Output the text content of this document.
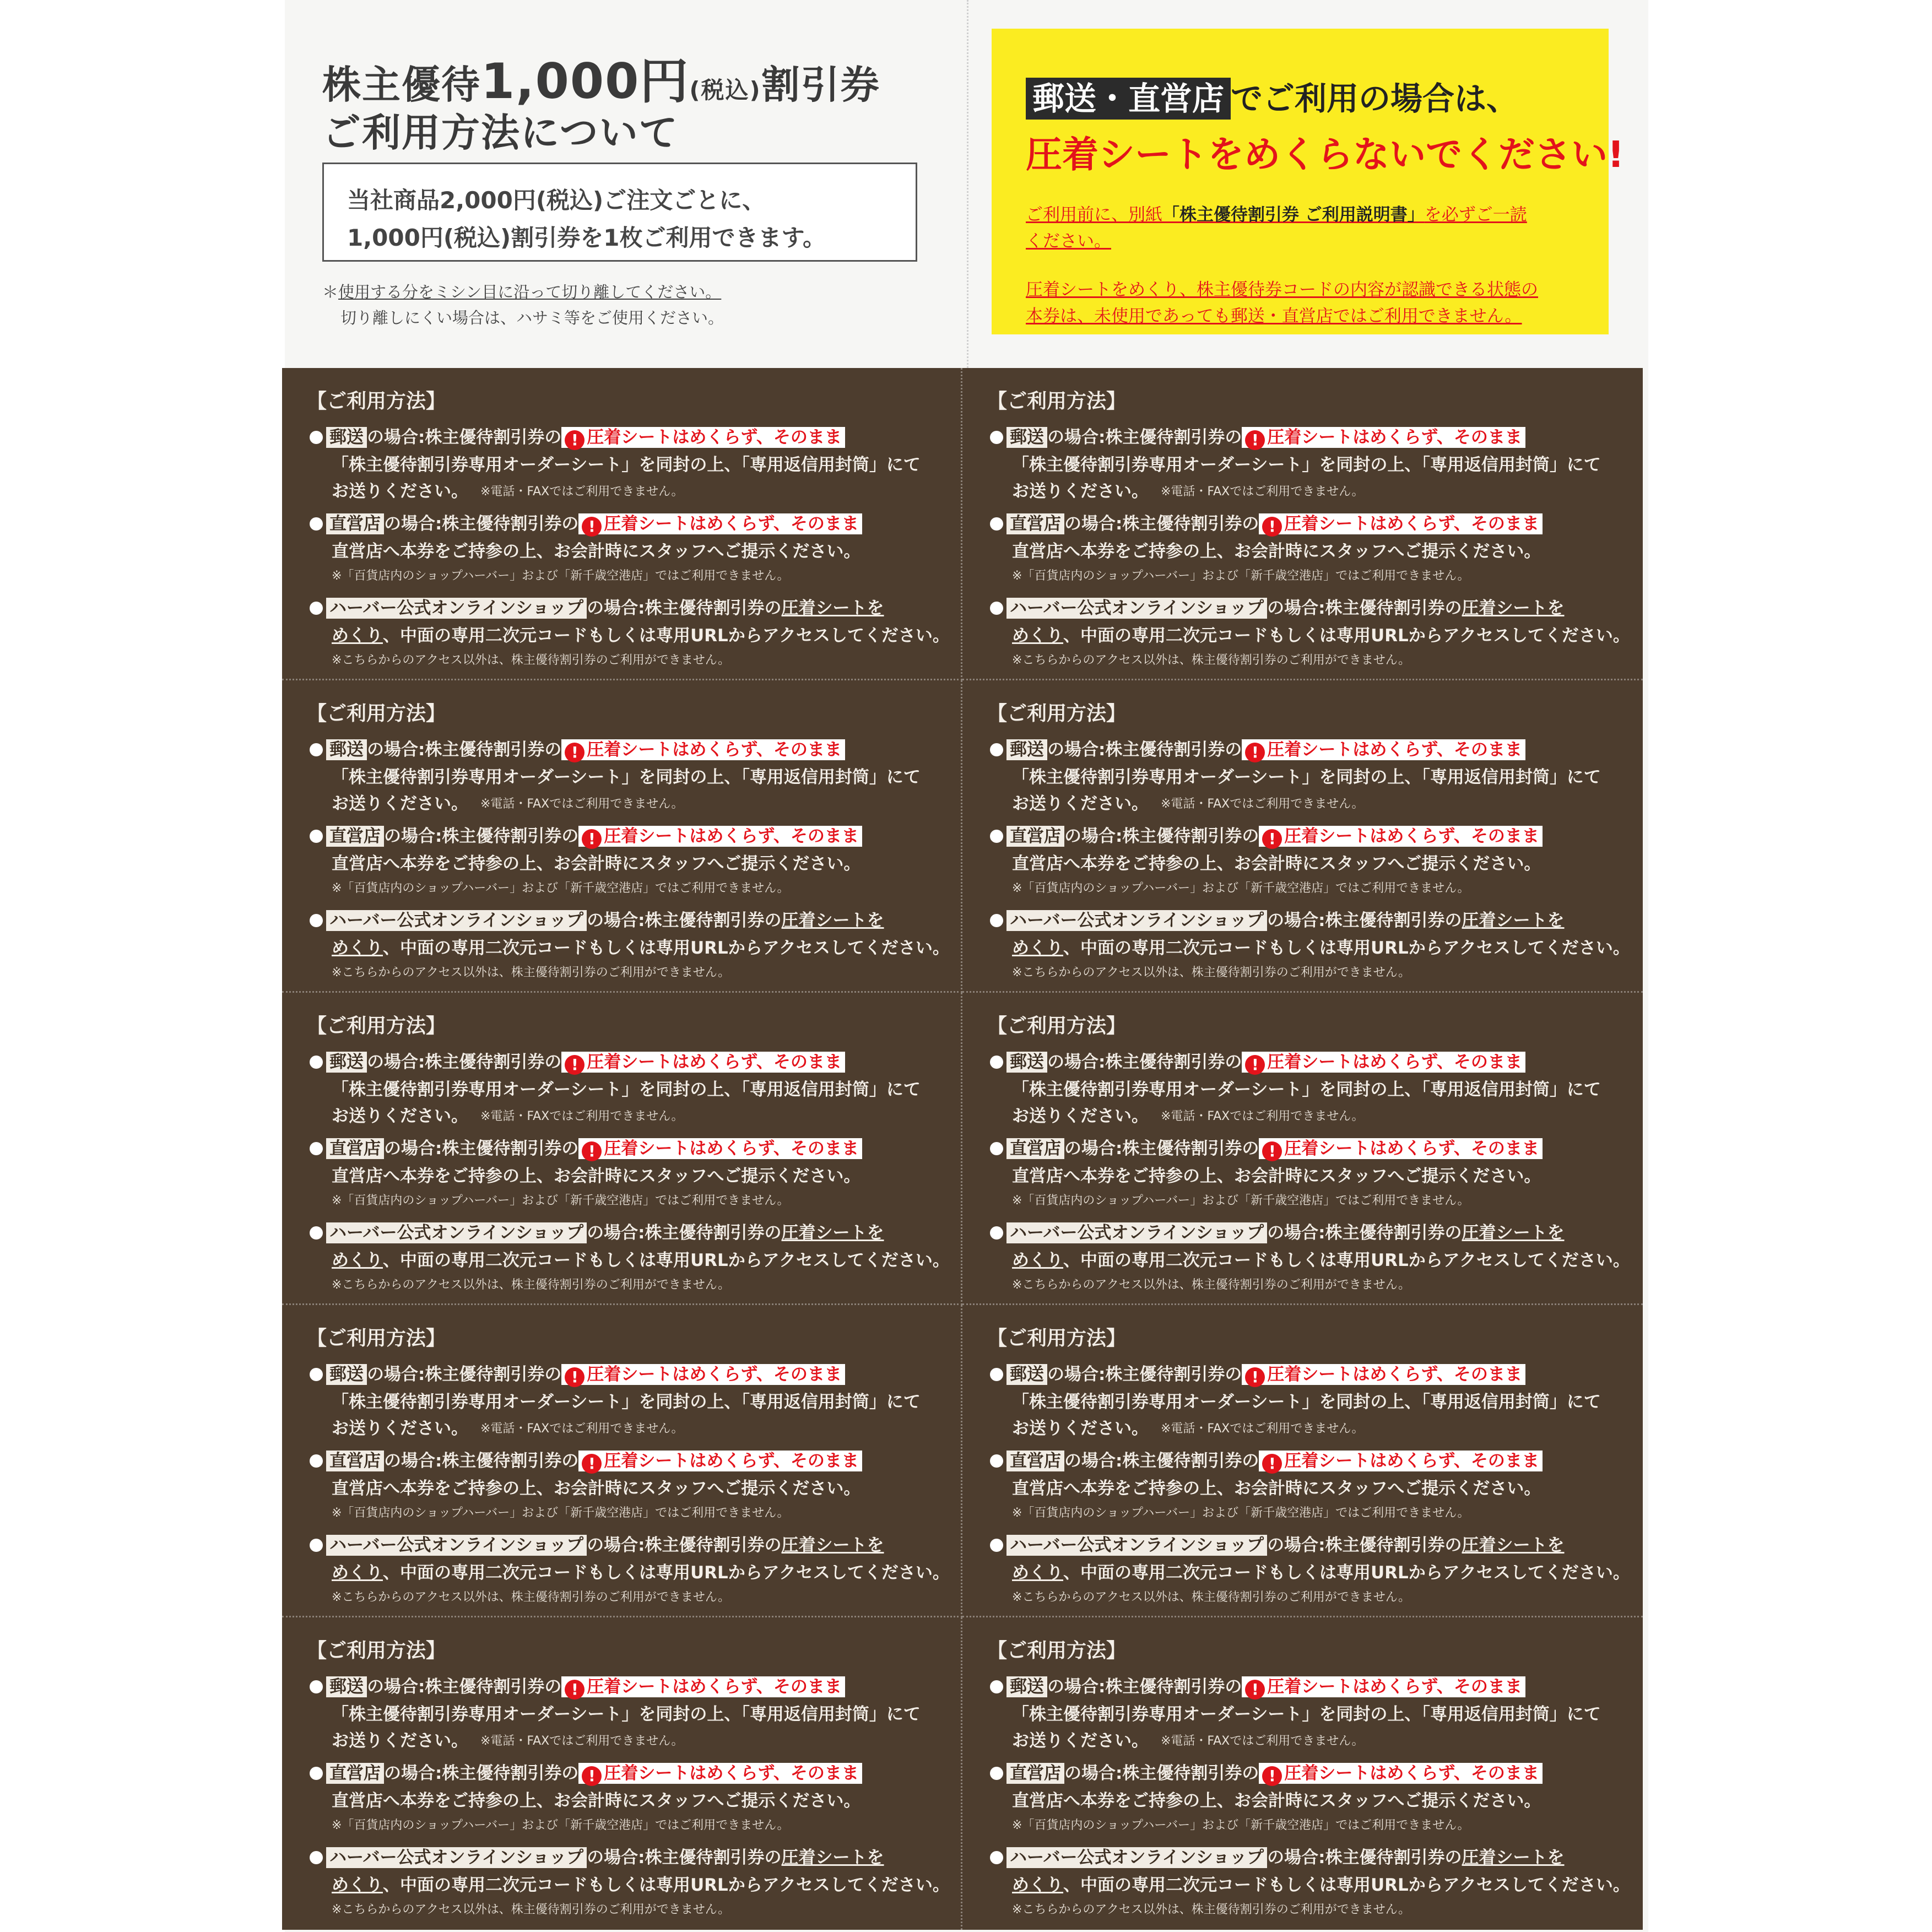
株主優待1,000円(税込)割引券
ご利用方法について
当社商品2,000円(税込)ご注文ごとに、
1,000円(税込)割引券を1枚ご利用できます。
＊使用する分をミシン目に沿って切り離してください。
切り離しにくい場合は、ハサミ等をご使用ください。
郵送・直営店 でご利用の場合は、
圧着シートをめくらないでください!
ご利用前に、別紙「株主優待割引券 ご利用説明書」を必ずご一読
ください。
圧着シートをめくり、株主優待券コードの内容が認識できる状態の
本券は、未使用であっても郵送・直営店ではご利用できません。
【ご利用方法】
郵送 の場合:株主優待割引券の ! 圧着シートはめくらず、そのまま
「株主優待割引券専用オーダーシート」を同封の上、「専用返信用封筒」にて
お送りください。 ※電話・FAXではご利用できません。
直営店 の場合:株主優待割引券の ! 圧着シートはめくらず、そのまま
直営店へ本券をご持参の上、お会計時にスタッフへご提示ください。
※「百貨店内のショップハーバー」および「新千歳空港店」ではご利用できません。
ハーバー公式オンラインショップ の場合:株主優待割引券の圧着シートを
めくり、中面の専用二次元コードもしくは専用URLからアクセスしてください。
※こちらからのアクセス以外は、株主優待割引券のご利用ができません。
【ご利用方法】
郵送 の場合:株主優待割引券の ! 圧着シートはめくらず、そのまま
「株主優待割引券専用オーダーシート」を同封の上、「専用返信用封筒」にて
お送りください。 ※電話・FAXではご利用できません。
直営店 の場合:株主優待割引券の ! 圧着シートはめくらず、そのまま
直営店へ本券をご持参の上、お会計時にスタッフへご提示ください。
※「百貨店内のショップハーバー」および「新千歳空港店」ではご利用できません。
ハーバー公式オンラインショップ の場合:株主優待割引券の圧着シートを
めくり、中面の専用二次元コードもしくは専用URLからアクセスしてください。
※こちらからのアクセス以外は、株主優待割引券のご利用ができません。
【ご利用方法】
郵送 の場合:株主優待割引券の ! 圧着シートはめくらず、そのまま
「株主優待割引券専用オーダーシート」を同封の上、「専用返信用封筒」にて
お送りください。 ※電話・FAXではご利用できません。
直営店 の場合:株主優待割引券の ! 圧着シートはめくらず、そのまま
直営店へ本券をご持参の上、お会計時にスタッフへご提示ください。
※「百貨店内のショップハーバー」および「新千歳空港店」ではご利用できません。
ハーバー公式オンラインショップ の場合:株主優待割引券の圧着シートを
めくり、中面の専用二次元コードもしくは専用URLからアクセスしてください。
※こちらからのアクセス以外は、株主優待割引券のご利用ができません。
【ご利用方法】
郵送 の場合:株主優待割引券の ! 圧着シートはめくらず、そのまま
「株主優待割引券専用オーダーシート」を同封の上、「専用返信用封筒」にて
お送りください。 ※電話・FAXではご利用できません。
直営店 の場合:株主優待割引券の ! 圧着シートはめくらず、そのまま
直営店へ本券をご持参の上、お会計時にスタッフへご提示ください。
※「百貨店内のショップハーバー」および「新千歳空港店」ではご利用できません。
ハーバー公式オンラインショップ の場合:株主優待割引券の圧着シートを
めくり、中面の専用二次元コードもしくは専用URLからアクセスしてください。
※こちらからのアクセス以外は、株主優待割引券のご利用ができません。
【ご利用方法】
郵送 の場合:株主優待割引券の ! 圧着シートはめくらず、そのまま
「株主優待割引券専用オーダーシート」を同封の上、「専用返信用封筒」にて
お送りください。 ※電話・FAXではご利用できません。
直営店 の場合:株主優待割引券の ! 圧着シートはめくらず、そのまま
直営店へ本券をご持参の上、お会計時にスタッフへご提示ください。
※「百貨店内のショップハーバー」および「新千歳空港店」ではご利用できません。
ハーバー公式オンラインショップ の場合:株主優待割引券の圧着シートを
めくり、中面の専用二次元コードもしくは専用URLからアクセスしてください。
※こちらからのアクセス以外は、株主優待割引券のご利用ができません。
【ご利用方法】
郵送 の場合:株主優待割引券の ! 圧着シートはめくらず、そのまま
「株主優待割引券専用オーダーシート」を同封の上、「専用返信用封筒」にて
お送りください。 ※電話・FAXではご利用できません。
直営店 の場合:株主優待割引券の ! 圧着シートはめくらず、そのまま
直営店へ本券をご持参の上、お会計時にスタッフへご提示ください。
※「百貨店内のショップハーバー」および「新千歳空港店」ではご利用できません。
ハーバー公式オンラインショップ の場合:株主優待割引券の圧着シートを
めくり、中面の専用二次元コードもしくは専用URLからアクセスしてください。
※こちらからのアクセス以外は、株主優待割引券のご利用ができません。
【ご利用方法】
郵送 の場合:株主優待割引券の ! 圧着シートはめくらず、そのまま
「株主優待割引券専用オーダーシート」を同封の上、「専用返信用封筒」にて
お送りください。 ※電話・FAXではご利用できません。
直営店 の場合:株主優待割引券の ! 圧着シートはめくらず、そのまま
直営店へ本券をご持参の上、お会計時にスタッフへご提示ください。
※「百貨店内のショップハーバー」および「新千歳空港店」ではご利用できません。
ハーバー公式オンラインショップ の場合:株主優待割引券の圧着シートを
めくり、中面の専用二次元コードもしくは専用URLからアクセスしてください。
※こちらからのアクセス以外は、株主優待割引券のご利用ができません。
【ご利用方法】
郵送 の場合:株主優待割引券の ! 圧着シートはめくらず、そのまま
「株主優待割引券専用オーダーシート」を同封の上、「専用返信用封筒」にて
お送りください。 ※電話・FAXではご利用できません。
直営店 の場合:株主優待割引券の ! 圧着シートはめくらず、そのまま
直営店へ本券をご持参の上、お会計時にスタッフへご提示ください。
※「百貨店内のショップハーバー」および「新千歳空港店」ではご利用できません。
ハーバー公式オンラインショップ の場合:株主優待割引券の圧着シートを
めくり、中面の専用二次元コードもしくは専用URLからアクセスしてください。
※こちらからのアクセス以外は、株主優待割引券のご利用ができません。
【ご利用方法】
郵送 の場合:株主優待割引券の ! 圧着シートはめくらず、そのまま
「株主優待割引券専用オーダーシート」を同封の上、「専用返信用封筒」にて
お送りください。 ※電話・FAXではご利用できません。
直営店 の場合:株主優待割引券の ! 圧着シートはめくらず、そのまま
直営店へ本券をご持参の上、お会計時にスタッフへご提示ください。
※「百貨店内のショップハーバー」および「新千歳空港店」ではご利用できません。
ハーバー公式オンラインショップ の場合:株主優待割引券の圧着シートを
めくり、中面の専用二次元コードもしくは専用URLからアクセスしてください。
※こちらからのアクセス以外は、株主優待割引券のご利用ができません。
【ご利用方法】
郵送 の場合:株主優待割引券の ! 圧着シートはめくらず、そのまま
「株主優待割引券専用オーダーシート」を同封の上、「専用返信用封筒」にて
お送りください。 ※電話・FAXではご利用できません。
直営店 の場合:株主優待割引券の ! 圧着シートはめくらず、そのまま
直営店へ本券をご持参の上、お会計時にスタッフへご提示ください。
※「百貨店内のショップハーバー」および「新千歳空港店」ではご利用できません。
ハーバー公式オンラインショップ の場合:株主優待割引券の圧着シートを
めくり、中面の専用二次元コードもしくは専用URLからアクセスしてください。
※こちらからのアクセス以外は、株主優待割引券のご利用ができません。
